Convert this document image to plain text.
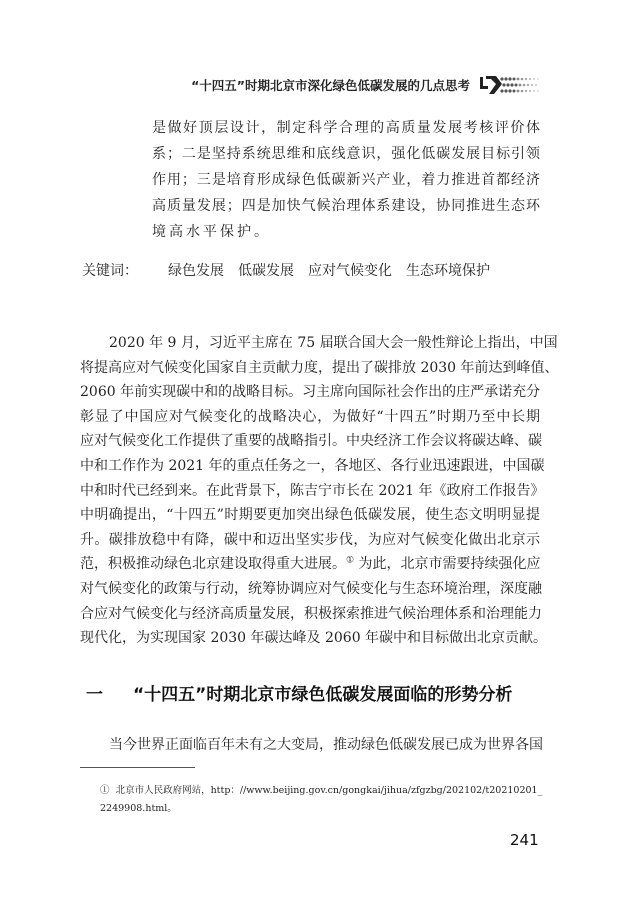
“十四五”时期北京市深化绿色低碳发展的几点思考
是做好顶层设计，制定科学合理的高质量发展考核评价体
系；二是坚持系统思维和底线意识，强化低碳发展目标引领
作用；三是培育形成绿色低碳新兴产业，着力推进首都经济
高质量发展；四是加快气候治理体系建设，协同推进生态环
境高水平保护。
关键词： 绿色发展 低碳发展 应对气候变化 生态环境保护
2020 年 9 月，习近平主席在 75 届联合国大会一般性辩论上指出，中国
将提高应对气候变化国家自主贡献力度，提出了碳排放 2030 年前达到峰值、
2060 年前实现碳中和的战略目标。习主席向国际社会作出的庄严承诺充分
彰显了中国应对气候变化的战略决心，为做好“十四五”时期乃至中长期
应对气候变化工作提供了重要的战略指引。中央经济工作会议将碳达峰、碳
中和工作作为 2021 年的重点任务之一，各地区、各行业迅速跟进，中国碳
中和时代已经到来。在此背景下，陈吉宁市长在 2021 年《政府工作报告》
中明确提出，“十四五”时期要更加突出绿色低碳发展，使生态文明明显提
升。碳排放稳中有降，碳中和迈出坚实步伐，为应对气候变化做出北京示
范，积极推动绿色北京建设取得重大进展。① 为此，北京市需要持续强化应
对气候变化的政策与行动，统筹协调应对气候变化与生态环境治理，深度融
合应对气候变化与经济高质量发展，积极探索推进气候治理体系和治理能力
现代化，为实现国家 2030 年碳达峰及 2060 年碳中和目标做出北京贡献。
一 “十四五”时期北京市绿色低碳发展面临的形势分析
当今世界正面临百年未有之大变局，推动绿色低碳发展已成为世界各国
① 北京市人民政府网站，http：//www.beijing.gov.cn/gongkai/jihua/zfgzbg/202102/t20210201_
2249908.html。
241
